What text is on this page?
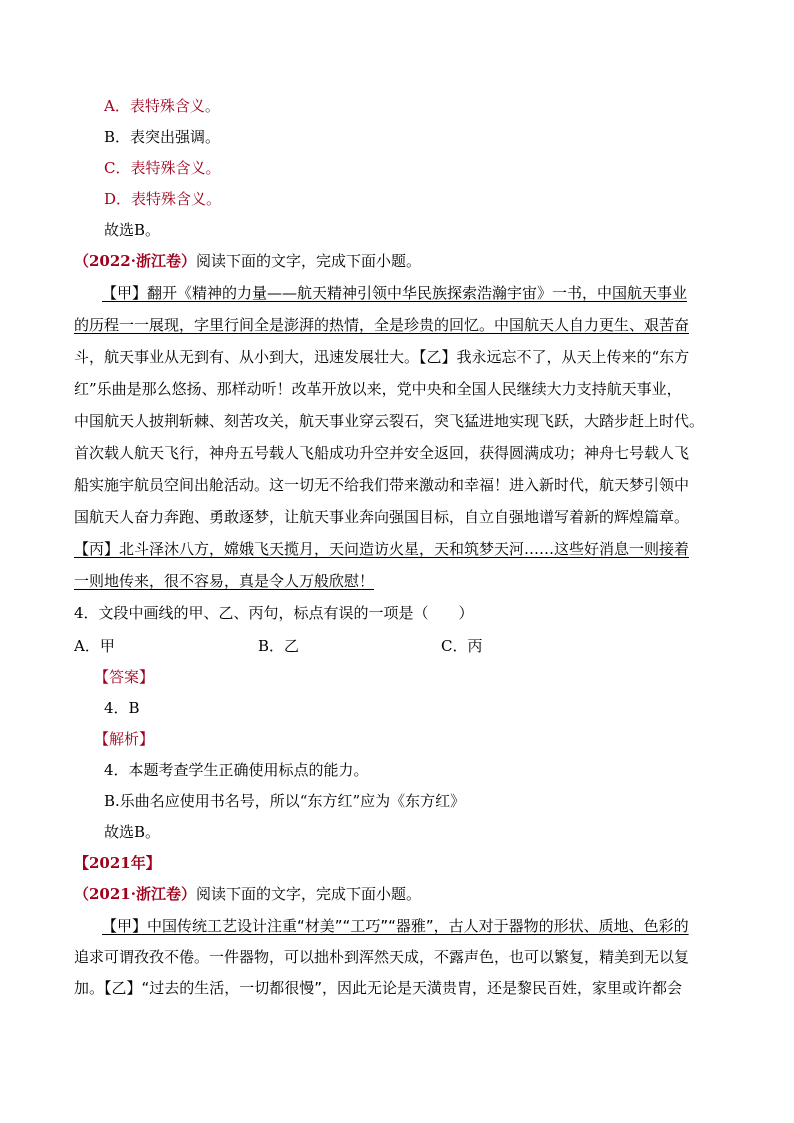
A．表特殊含义。
B．表突出强调。
C．表特殊含义。
D．表特殊含义。
故选B。
（2022·浙江卷）阅读下面的文字，完成下面小题。
【甲】翻开《精神的力量——航天精神引领中华民族探索浩瀚宇宙》一书，中国航天事业
的历程一一展现，字里行间全是澎湃的热情，全是珍贵的回忆。中国航天人自力更生、艰苦奋
斗，航天事业从无到有、从小到大，迅速发展壮大。【乙】我永远忘不了，从天上传来的“东方
红”乐曲是那么悠扬、那样动听！改革开放以来，党中央和全国人民继续大力支持航天事业，
中国航天人披荆斩棘、刻苦攻关，航天事业穿云裂石，突飞猛进地实现飞跃，大踏步赶上时代。
首次载人航天飞行，神舟五号载人飞船成功升空并安全返回，获得圆满成功；神舟七号载人飞
船实施宇航员空间出舱活动。这一切无不给我们带来激动和幸福！进入新时代，航天梦引领中
国航天人奋力奔跑、勇敢逐梦，让航天事业奔向强国目标，自立自强地谱写着新的辉煌篇章。
【丙】北斗泽沐八方，嫦娥飞天揽月，天问造访火星，天和筑梦天河……这些好消息一则接着
一则地传来，很不容易，真是令人万般欣慰！
4．文段中画线的甲、乙、丙句，标点有误的一项是（　　）
A．甲	B．乙	C．丙
【答案】
4．B
【解析】
4．本题考查学生正确使用标点的能力。
B.乐曲名应使用书名号，所以“东方红”应为《东方红》
故选B。
【2021年】
（2021·浙江卷）阅读下面的文字，完成下面小题。
【甲】中国传统工艺设计注重“材美”“工巧”“器雅”，古人对于器物的形状、质地、色彩的
追求可谓孜孜不倦。一件器物，可以拙朴到浑然天成，不露声色，也可以繁复，精美到无以复
加。【乙】“过去的生活，一切都很慢”，因此无论是天潢贵胄，还是黎民百姓，家里或许都会
